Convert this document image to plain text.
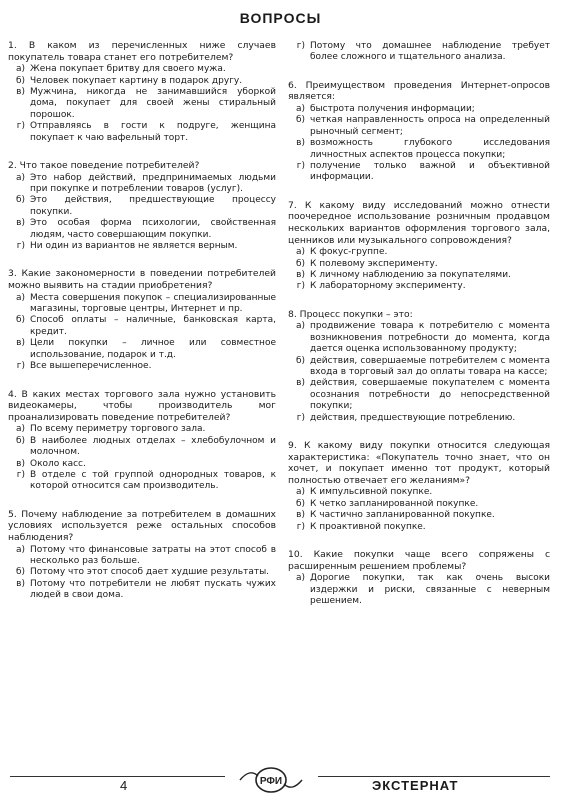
ВОПРОСЫ
1. В каком из перечисленных ниже случаев покупатель товара станет его потребителем?
а) Жена покупает бритву для своего мужа.
б) Человек покупает картину в подарок другу.
в) Мужчина, никогда не занимавшийся уборкой дома, покупает для своей жены стиральный порошок.
г) Отправляясь в гости к подруге, женщина покупает к чаю вафельный торт.
2. Что такое поведение потребителей?
а) Это набор действий, предпринимаемых людьми при покупке и потреблении товаров (услуг).
б) Это действия, предшествующие процессу покупки.
в) Это особая форма психологии, свойственная людям, часто совершающим покупки.
г) Ни один из вариантов не является верным.
3. Какие закономерности в поведении потребителей можно выявить на стадии приобретения?
а) Места совершения покупок – специализированные магазины, торговые центры, Интернет и пр.
б) Способ оплаты – наличные, банковская карта, кредит.
в) Цели покупки – личное или совместное использование, подарок и т.д.
г) Все вышеперечисленное.
4. В каких местах торгового зала нужно установить видеокамеры, чтобы производитель мог проанализировать поведение потребителей?
а) По всему периметру торгового зала.
б) В наиболее людных отделах – хлебобулочном и молочном.
в) Около касс.
г) В отделе с той группой однородных товаров, к которой относится сам производитель.
5. Почему наблюдение за потребителем в домашних условиях используется реже остальных способов наблюдения?
а) Потому что финансовые затраты на этот способ в несколько раз больше.
б) Потому что этот способ дает худшие результаты.
в) Потому что потребители не любят пускать чужих людей в свои дома.
г) Потому что домашнее наблюдение требует более сложного и тщательного анализа.
6. Преимуществом проведения Интернет-опросов является:
а) быстрота получения информации;
б) четкая направленность опроса на определенный рыночный сегмент;
в) возможность глубокого исследования личностных аспектов процесса покупки;
г) получение только важной и объективной информации.
7. К какому виду исследований можно отнести поочередное использование розничным продавцом нескольких вариантов оформления торгового зала, ценников или музыкального сопровождения?
а) К фокус-группе.
б) К полевому эксперименту.
в) К личному наблюдению за покупателями.
г) К лабораторному эксперименту.
8. Процесс покупки – это:
а) продвижение товара к потребителю с момента возникновения потребности до момента, когда дается оценка использованному продукту;
б) действия, совершаемые потребителем с момента входа в торговый зал до оплаты товара на кассе;
в) действия, совершаемые покупателем с момента осознания потребности до непосредственной покупки;
г) действия, предшествующие потреблению.
9. К какому виду покупки относится следующая характеристика: «Покупатель точно знает, что он хочет, и покупает именно тот продукт, который полностью отвечает его желаниям»?
а) К импульсивной покупке.
б) К четко запланированной покупке.
в) К частично запланированной покупке.
г) К проактивной покупке.
10. Какие покупки чаще всего сопряжены с расширенным решением проблемы?
а) Дорогие покупки, так как очень высоки издержки и риски, связанные с неверным решением.
4	РФИ	ЭКСТЕРНАТ
